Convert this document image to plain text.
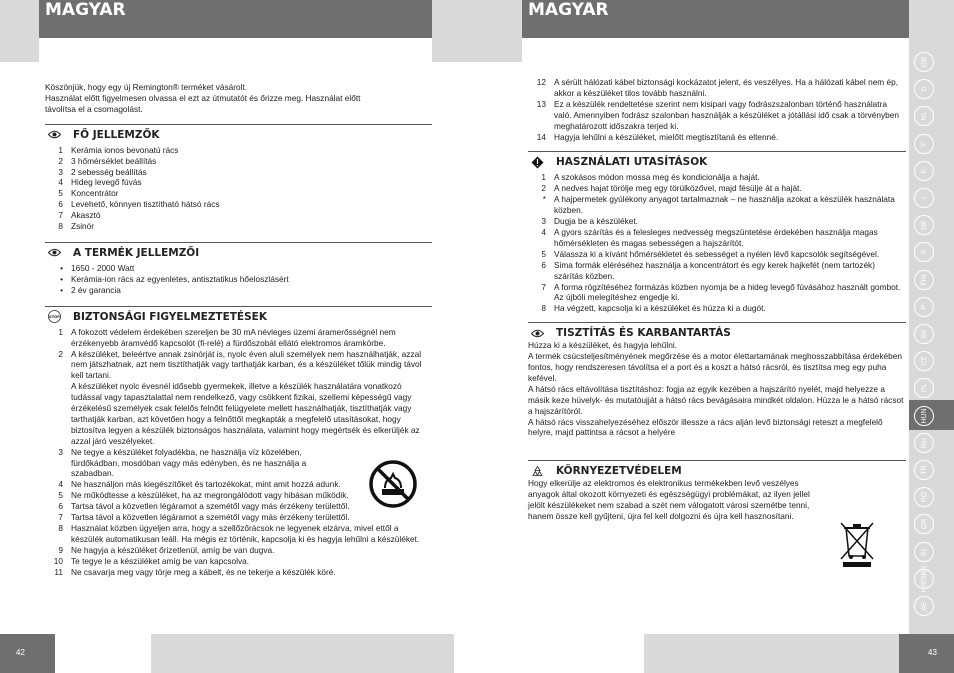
MAGYAR	MAGYAR

Köszönjük, hogy egy új Remington® terméket vásárolt.

Használat előtt figyelmesen olvassa el ezt az útmutatót és őrizze meg. Használat előtt

távolítsa el a csomagolást.

FŐ JELLEMZŐK
1 Kerámia ionos bevonatú rács
2 3 hőmérséklet beállítás
3 2 sebesség beállítás
4 Hideg levegő fúvás
5 Koncentrátor
6 Levehető, könnyen tisztítható hátsó rács
7 Akasztó
8 Zsinór
A TERMÉK JELLEMZŐI
• 1650 - 2000 Watt
• Kerámia-ion rács az egyenletes, antisztatikus hőeloszlásért
• 2 év garancia
STOP BIZTONSÁGI FIGYELMEZTETÉSEK
1 A fokozott védelem érdekében szereljen be 30 mA névleges üzemi áramerősségnél nem érzékenyebb áramvédő kapcsolót (fi-relé) a fürdőszobát ellátó elektromos áramkörbe.
2 A készüléket, beleértve annak zsinórját is, nyolc éven aluli személyek nem használhatják, azzal nem játszhatnak, azt nem tisztíthatják vagy tarthatják karban, és a készüléket tőlük mindig távol kell tartani.
A készüléket nyolc évesnél idősebb gyermekek, illetve a készülék használatára vonatkozó tudással vagy tapasztalattal nem rendelkező, vagy csökkent fizikai, szellemi képességű vagy érzékelésű személyek csak felelős felnőtt felügyelete mellett használhatják, tisztíthatják vagy tarthatják karban, azt követően hogy a felnőttől megkapták a megfelelő utasításokat, hogy biztosítva legyen a készülék biztonságos használata, valamint hogy megértsék és elkerüljék az azzal járó veszélyeket.
3 Ne tegye a készüléket folyadékba, ne használja víz közelében, fürdőkádban, mosdóban vagy más edényben, és ne használja a szabadban.
4 Ne használjon más kiegészítőket és tartozékokat, mint amit hozzá adunk.
5 Ne működtesse a készüléket, ha az megrongálódott vagy hibásan működik.
6 Tartsa távol a közvetlen légáramot a szemétől vagy más érzékeny területtől.
7 Tartsa távol a közvetlen légáramot a szemétől vagy más érzékeny területtől.
8 Használat közben ügyeljen arra, hogy a szellőzőrácsok ne legyenek elzárva, mivel ettől a készülék automatikusan leáll. Ha mégis ez történik, kapcsolja ki és hagyja lehűlni a készüléket.
9 Ne hagyja a készüléket őrizetlenül, amíg be van dugva.
10 Te tegye le a készüléket amíg be van kapcsolva.
11 Ne csavarja meg vagy törje meg a kábelt, és ne tekerje a készülék köré.
12 A sérült hálózati kábel biztonsági kockázatot jelent, és veszélyes. Ha a hálózati kábel nem ép, akkor a készüléket tilos tovább használni.
13 Ez a készülék rendeltetése szerint nem kisipari vagy fodrászszalonban történő használatra való. Amennyiben fodrász szalonban használják a készüléket a jótállási idő csak a törvényben meghatározott időszakra terjed ki.
14 Hagyja lehűlni a készüléket, mielőtt megtisztítaná és eltenné.
HASZNÁLATI UTASÍTÁSOK
1 A szokásos módon mossa meg és kondicionálja a haját.
2 A nedves hajat törölje meg egy törülközővel, majd fésülje át a haját.
* A hajpermetek gyúlékony anyagot tartalmaznak – ne használja azokat a készülék használata közben.
3 Dugja be a készüléket.
4 A gyors szárítás és a felesleges nedvesség megszüntetése érdekében használja magas hőmérsékleten és magas sebességen a hajszárítót.
5 Válassza ki a kívánt hőmérsékletet és sebességet a nyélen lévő kapcsolók segítségével.
6 Sima formák eléréséhez használja a koncentrátort és egy kerek hajkefét (nem tartozék) szárítás közben.
7 A forma rögzítéséhez formázás közben nyomja be a hideg levegő fúvásához használt gombot. Az újbóli melegítéshez engedje ki.
8 Ha végzett, kapcsolja ki a készüléket és húzza ki a dugót.
TISZTÍTÁS ÉS KARBANTARTÁS

Húzza ki a készüléket, és hagyja lehűlni.

A termék csúcsteljesítményének megőrzése és a motor élettartamának meghosszabbítása érdekében fontos, hogy rendszeresen távolítsa el a port és a koszt a hátsó rácsról, és tisztítsa meg egy puha kefével.

A hátsó rács eltávolítása tisztításhoz: fogja az egyik kezében a hajszárító nyelét, majd helyezze a másik keze hüvelyk- és mutatóujját a hátsó rács bevágásaira mindkét oldalon. Húzza le a hátsó rácsot a hajszárítóról.

A hátsó rács visszahelyezéséhez először illessze a rács alján levő biztonsági reteszt a megfelelő helyre, majd pattintsa a rácsot a helyére

KÖRNYEZETVÉDELEM

Hogy elkerülje az elektromos és elektronikus termékekben levő veszélyes anyagok által okozott környezeti és egészségügyi problémákat, az ilyen jellel jelölt készülékeket nem szabad a szét nem válogatott városi szemétbe tenni, hanem össze kell gyűjteni, újra fel kell dolgozni és újra kell hasznosítani.

GB
D
NL
F
E
I
DK
S
FIN
P
SK
CZ
PL
HUN
RU
TR
RO
GR
SL
HR/SRB
AE
42	43
